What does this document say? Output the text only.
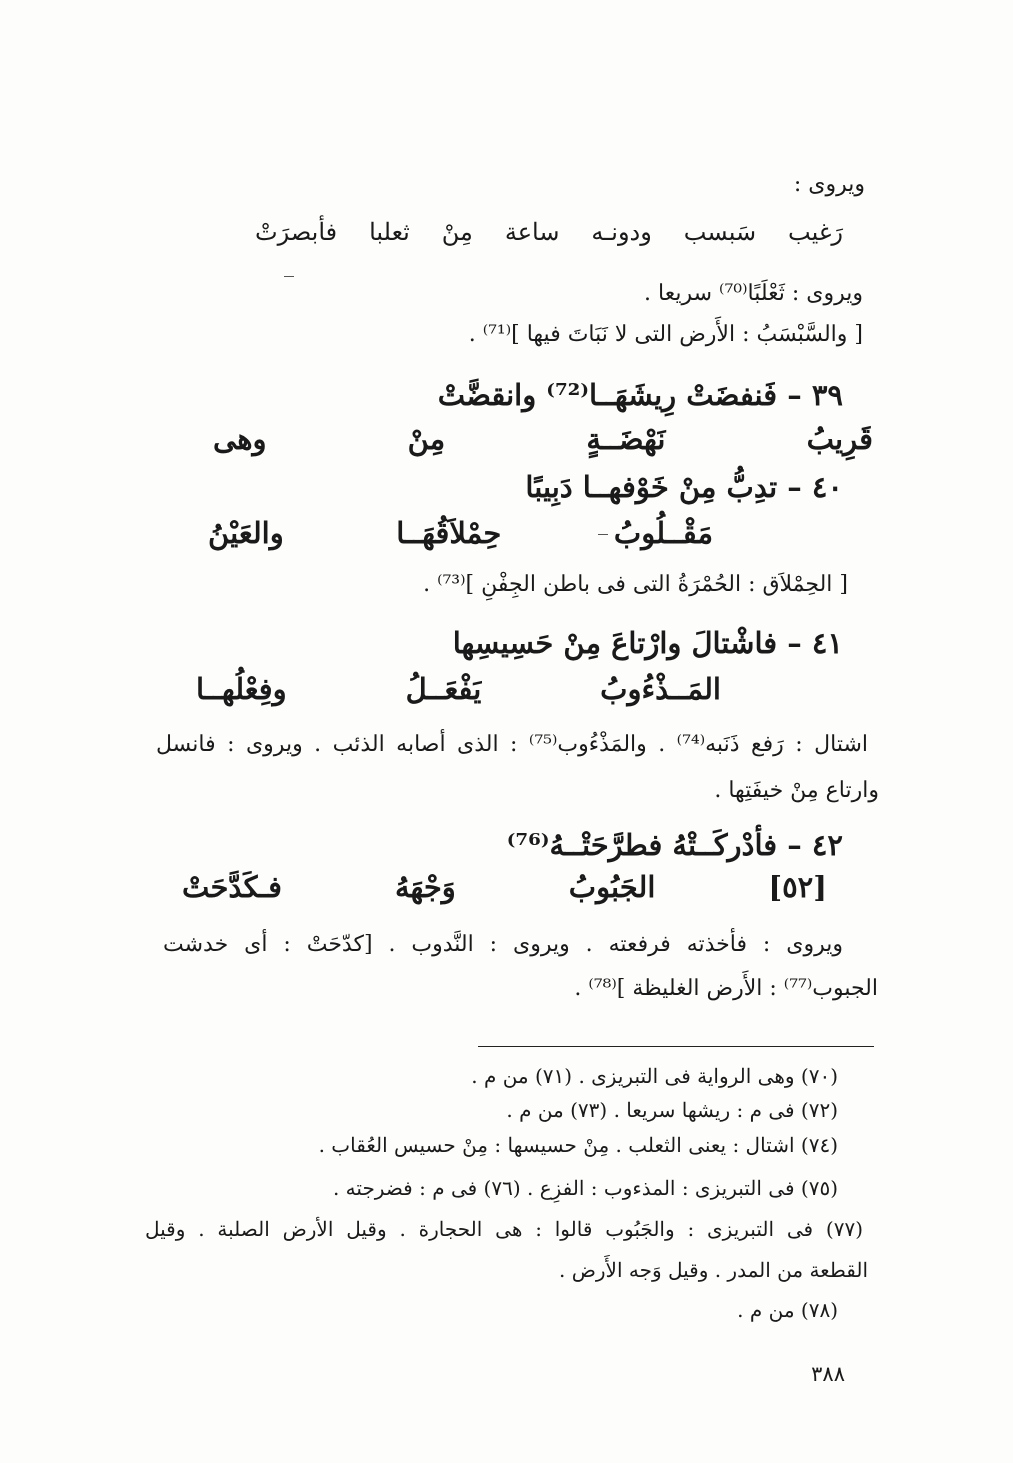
ويروى :
فأبصرَتْ ثعلبا مِنْ ساعة ودونـه سَبسب رَغيب
ويروى : ثَعْلَبًا⁽⁷⁰⁾ سريعا .
[ والسَّبْسَبُ : الأَرض التى لا نَبَاتَ فيها ]⁽⁷¹⁾ .
٣٩ – فَنفضَتْ رِيشَهَــا⁽⁷²⁾ وانقضَّتْ
وهى	مِنْ	نَهْضَــةٍ	قَرِيبُ
٤٠ – تدِبُّ مِنْ خَوْفهــا دَبِيبًا
والعَيْنُ	حِمْلاَقُهَــا	مَقْــلُوبُ
[ الحِمْلاَق : الحُمْرَةُ التى فى باطن الجِفْنِ ]⁽⁷³⁾ .
٤١ – فاشْتالَ وارْتاعَ مِنْ حَسِيسِها
وفِعْلُهــا	يَفْعَــلُ	المَــذْءُوبُ
اشتال : رَفع ذَنَبه⁽⁷⁴⁾ . والمَذْءُوب⁽⁷⁵⁾ : الذى أصابه الذئب . ويروى : فانسل
وارتاع مِنْ خيفَتِها .
٤٢ – فأدْركَــتْهُ فطرَّحَتْــهُ⁽⁷⁶⁾
فـكَدَّحَتْ	وَجْهَهُ	الجَبُوبُ	[٥٢]
ويروى : فأخذته فرفعته . ويروى : النَّدوب . [كدّحَتْ : أى خدشت
الجبوب⁽⁷⁷⁾ : الأَرض الغليظة ]⁽⁷⁸⁾ .
(٧٠) وهى الرواية فى التبريزى . (٧١) من م .
(٧٢) فى م : ريشها سريعا . (٧٣) من م .
(٧٤) اشتال : يعنى الثعلب . مِنْ حسيسها : مِنْ حسيس العُقاب .
(٧٥) فى التبريزى : المذءوب : الفزِع . (٧٦) فى م : فضرجته .
(٧٧) فى التبريزى : والجَبُوب قالوا : هى الحجارة . وقيل الأرض الصلبة . وقيل
القطعة من المدر . وقيل وَجه الأَرض .
(٧٨) من م .
٣٨٨
